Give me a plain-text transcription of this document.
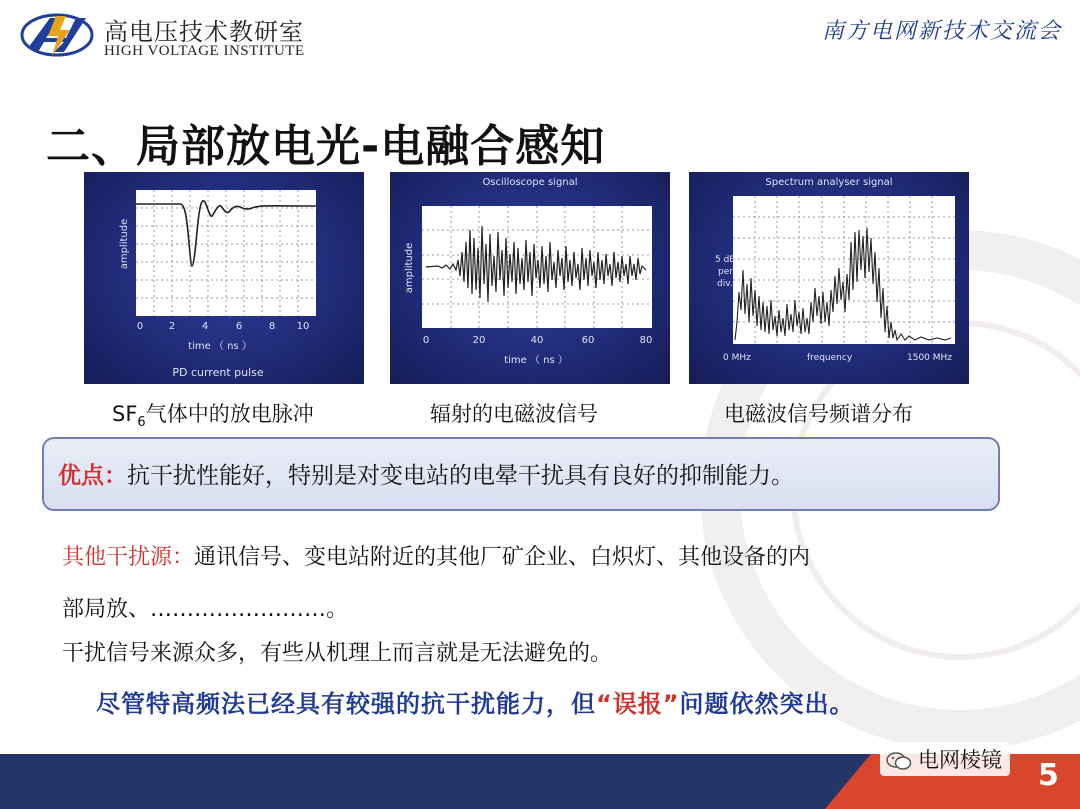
高电压技术教研室
HIGH VOLTAGE INSTITUTE
南方电网新技术交流会
二、局部放电光-电融合感知
amplitude
0	2	4	6	8 10
time （ ns ）
PD current pulse
Oscilloscope signal
amplitude
0	20	40	60	80
time （ ns ）
Spectrum analyser signal
5 dB
per
div.
0 MHz	frequency	1500 MHz
$SF_6$气体中的放电脉冲	辐射的电磁波信号	电磁波信号频谱分布
优点：抗干扰性能好，特别是对变电站的电晕干扰具有良好的抑制能力。
其他干扰源：通讯信号、变电站附近的其他厂矿企业、白炽灯、其他设备的内
部局放、……………………。
干扰信号来源众多，有些从机理上而言就是无法避免的。
尽管特高频法已经具有较强的抗干扰能力，但“误报”问题依然突出。
电网棱镜 5
